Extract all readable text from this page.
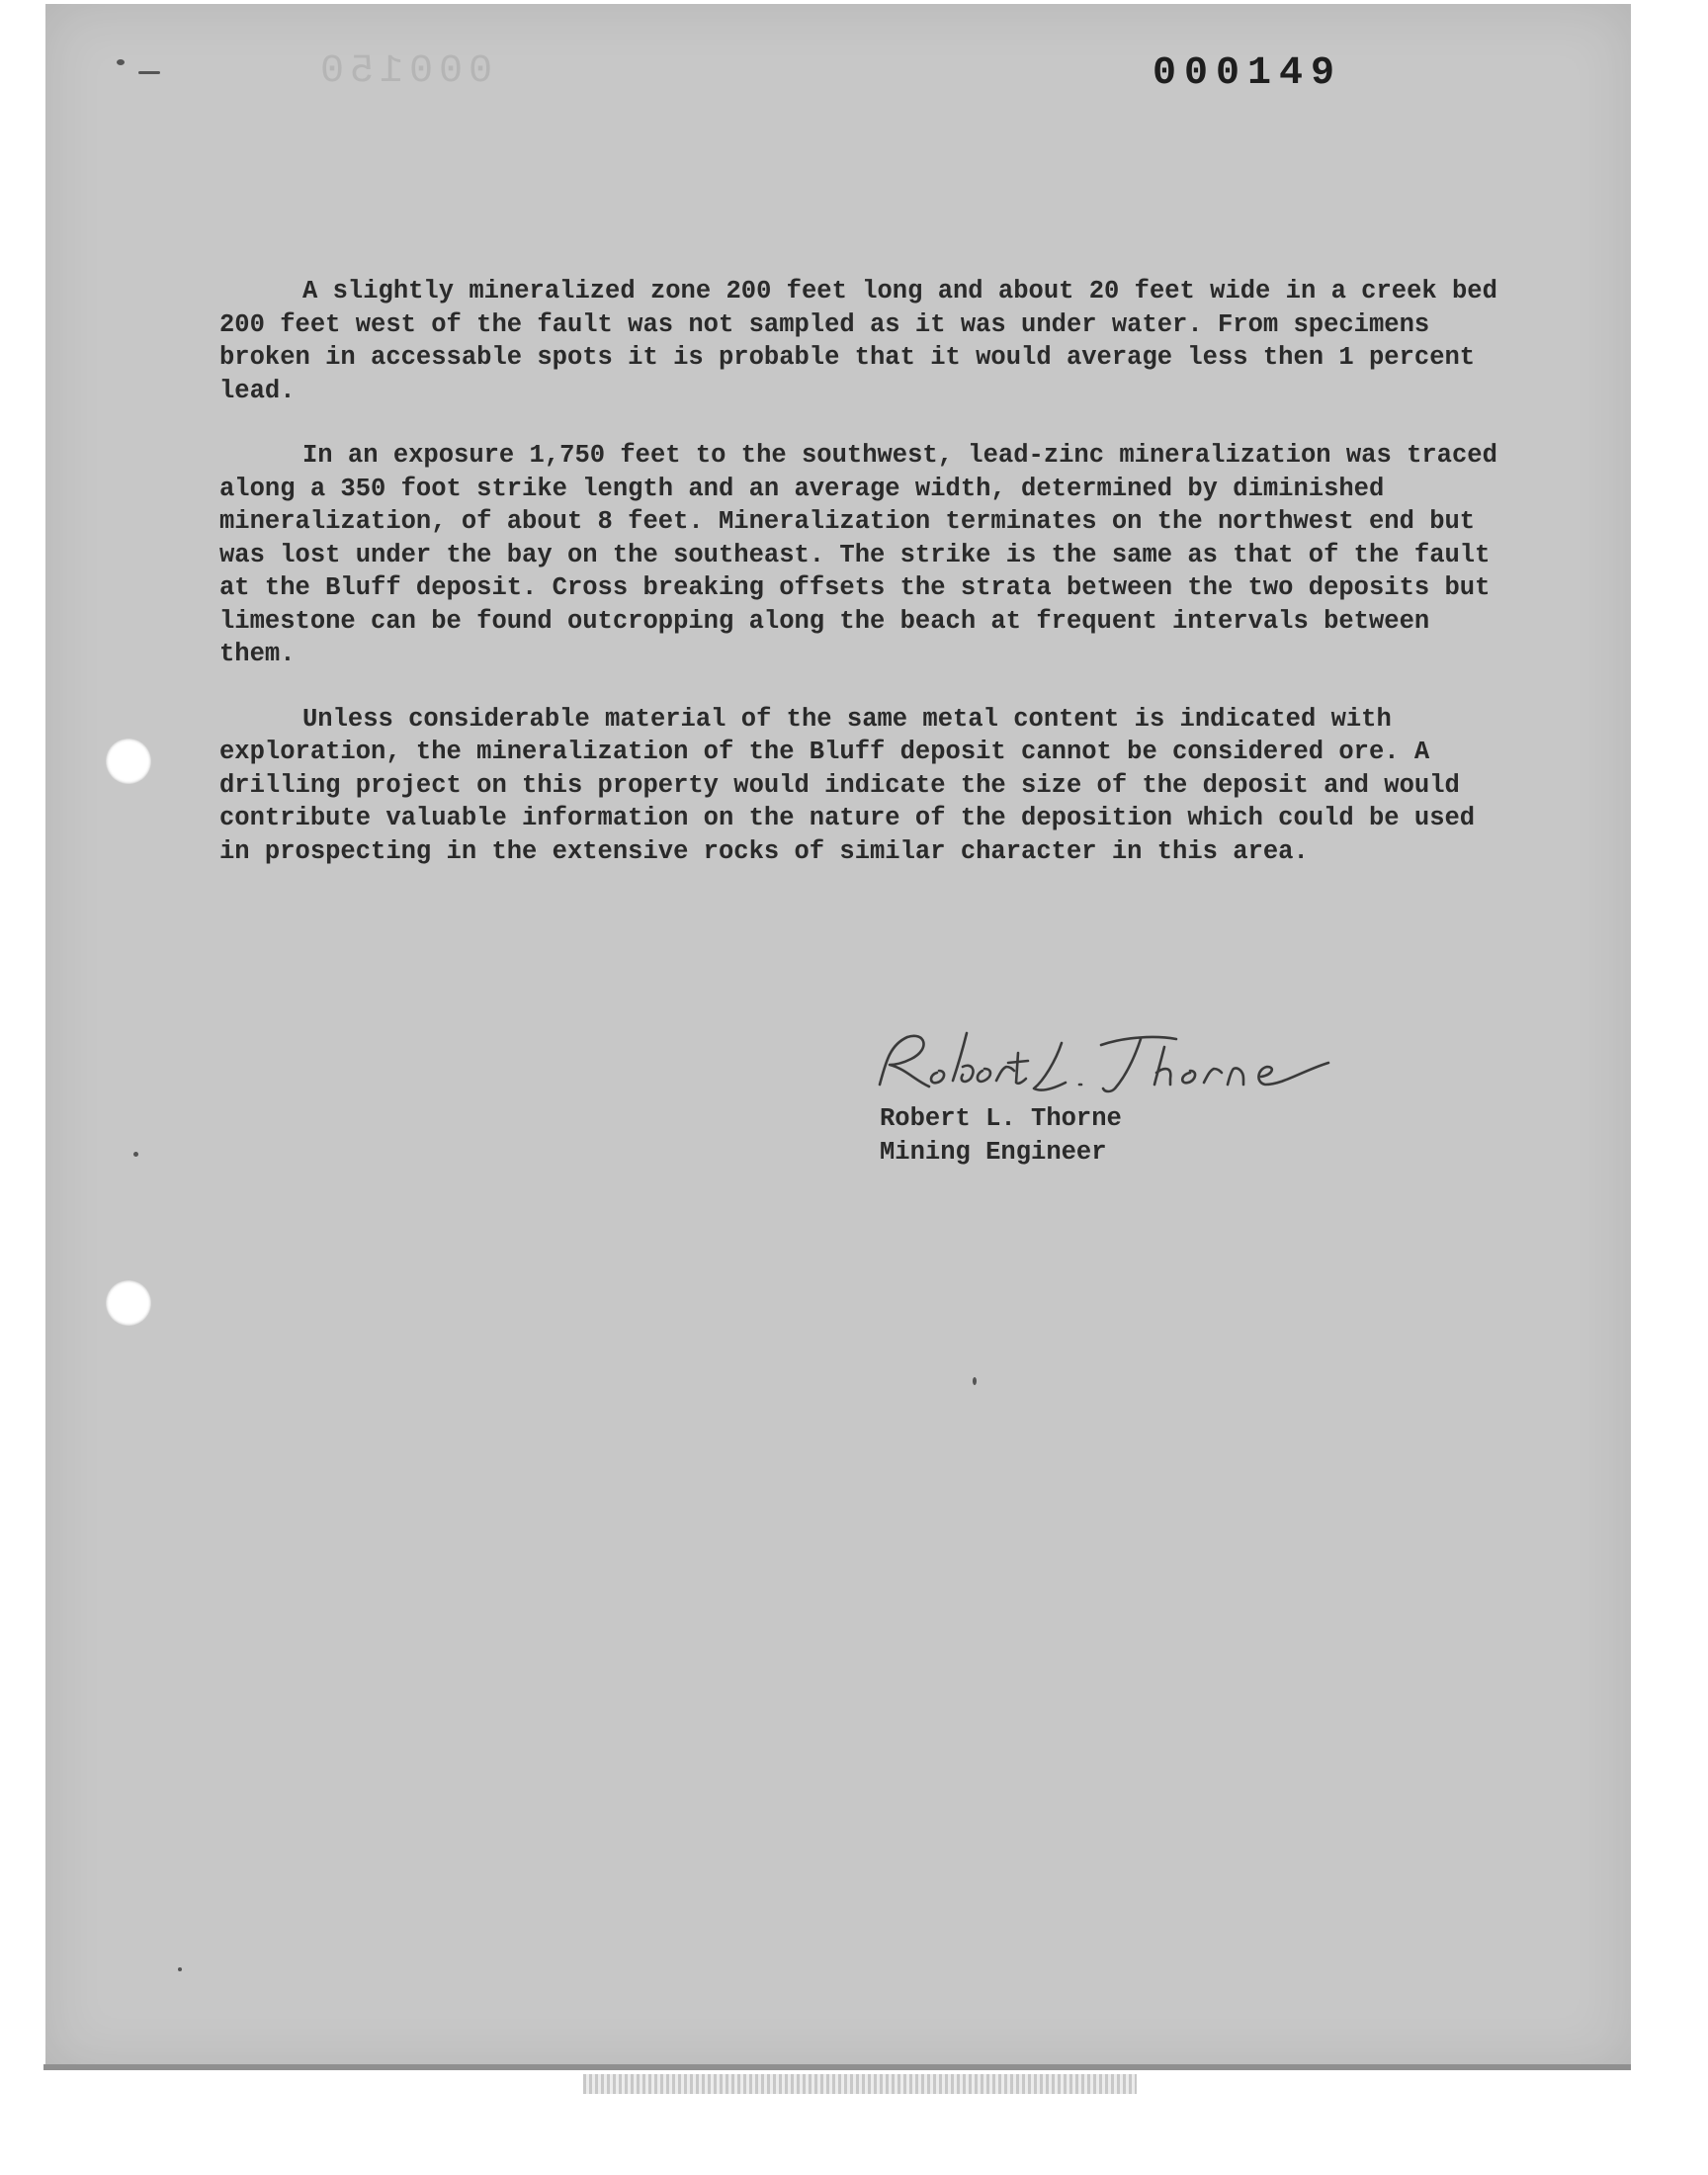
000150	000149

A slightly mineralized zone 200 feet long and about 20 feet wide in a creek bed 200 feet west of the fault was not sampled as it was under water. From specimens broken in accessable spots it is probable that it would average less then 1 percent lead.

In an exposure 1,750 feet to the southwest, lead-zinc mineralization was traced along a 350 foot strike length and an average width, determined by diminished mineralization, of about 8 feet. Mineralization terminates on the northwest end but was lost under the bay on the southeast. The strike is the same as that of the fault at the Bluff deposit. Cross breaking offsets the strata between the two deposits but limestone can be found outcropping along the beach at frequent intervals between them.

Unless considerable material of the same metal content is indicated with exploration, the mineralization of the Bluff deposit cannot be considered ore. A drilling project on this property would indicate the size of the deposit and would contribute valuable information on the nature of the deposition which could be used in prospecting in the extensive rocks of similar character in this area.

Robert L. Thorne
Mining Engineer
